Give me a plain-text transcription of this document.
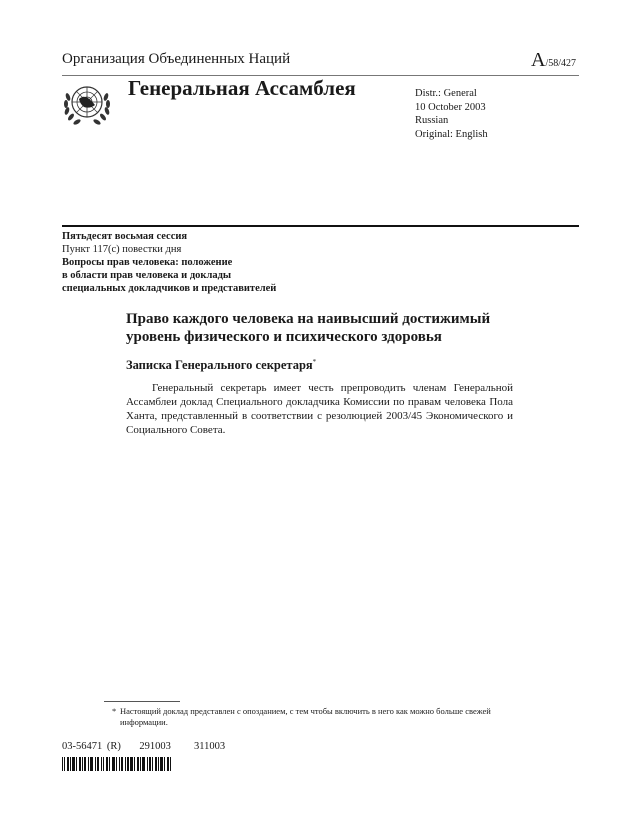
Организация Объединенных Наций	A/58/427
Генеральная Ассамблея	Distr.: General
10 October 2003
Russian
Original: English
Пятьдесят восьмая сессия
Пункт 117(c) повестки дня
Вопросы прав человека: положение
в области прав человека и доклады
специальных докладчиков и представителей
Право каждого человека на наивысший достижимый
уровень физического и психического здоровья
Записка Генерального секретаря*
Генеральный секретарь имеет честь препроводить членам Генеральной Ассамблеи доклад Специального докладчика Комиссии по правам человека Пола Ханта, представленный в соответствии с резолюцией 2003/45 Экономического и Социального Совета.
* Настоящий доклад представлен с опозданием, с тем чтобы включить в него как можно больше свежей информации.
03-56471 (R) 291003 311003
